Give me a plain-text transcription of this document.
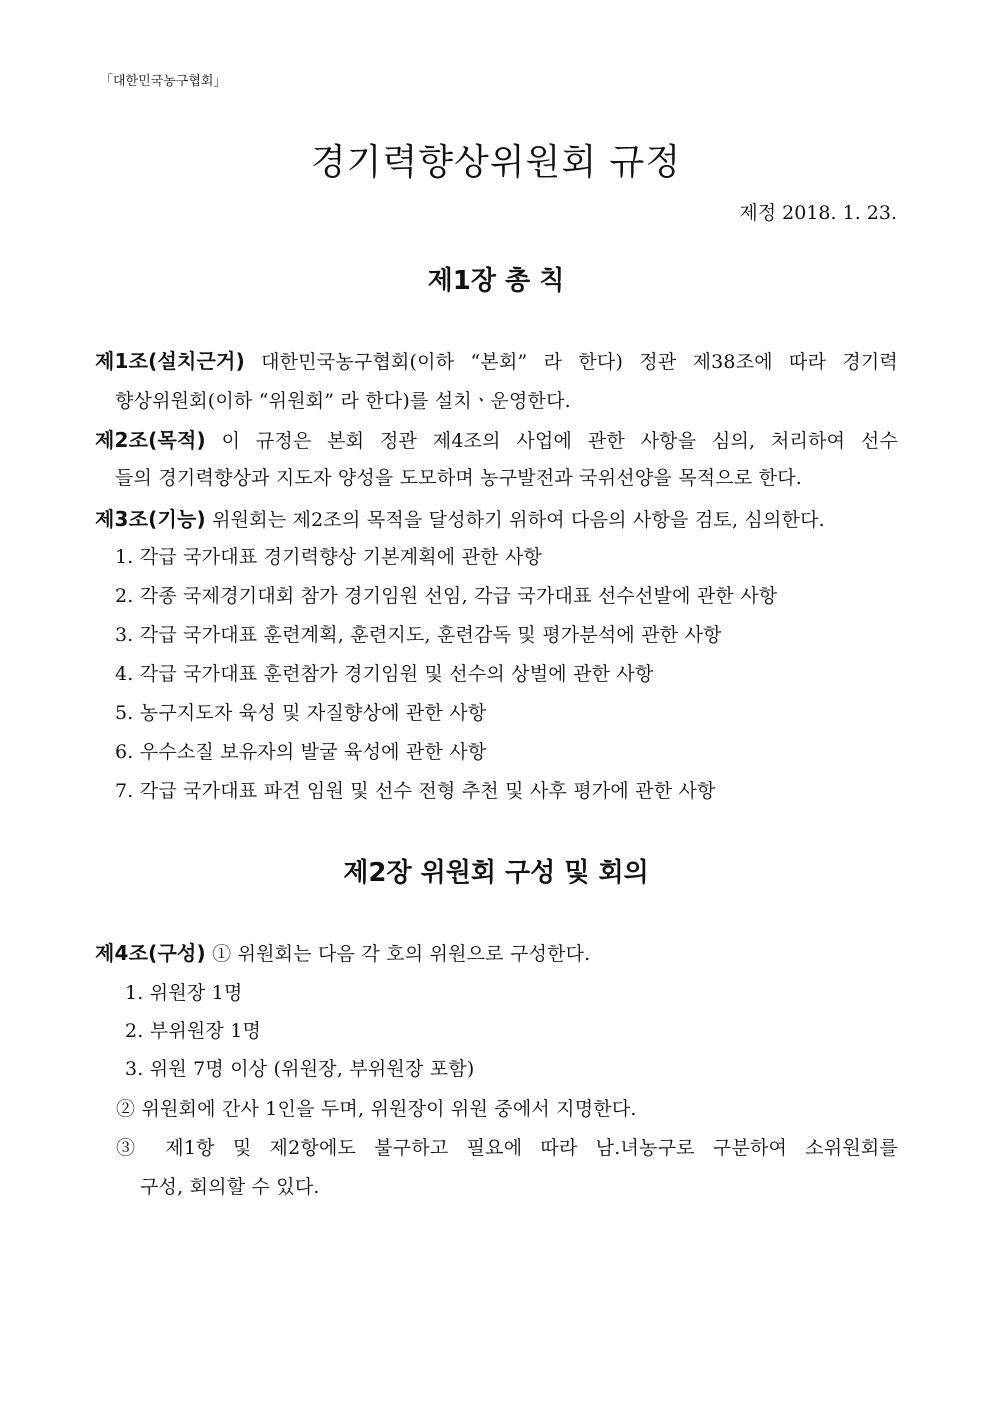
「대한민국농구협회」
경기력향상위원회 규정
제정 2018. 1. 23.
제1장 총 칙
제1조(설치근거) 대한민국농구협회(이하 “본회” 라 한다) 정관 제38조에 따라 경기력
향상위원회(이하 “위원회” 라 한다)를 설치ㆍ운영한다.
제2조(목적) 이 규정은 본회 정관 제4조의 사업에 관한 사항을 심의, 처리하여 선수
들의 경기력향상과 지도자 양성을 도모하며 농구발전과 국위선양을 목적으로 한다.
제3조(기능) 위원회는 제2조의 목적을 달성하기 위하여 다음의 사항을 검토, 심의한다.
1. 각급 국가대표 경기력향상 기본계획에 관한 사항
2. 각종 국제경기대회 참가 경기임원 선임, 각급 국가대표 선수선발에 관한 사항
3. 각급 국가대표 훈련계획, 훈련지도, 훈련감독 및 평가분석에 관한 사항
4. 각급 국가대표 훈련참가 경기임원 및 선수의 상벌에 관한 사항
5. 농구지도자 육성 및 자질향상에 관한 사항
6. 우수소질 보유자의 발굴 육성에 관한 사항
7. 각급 국가대표 파견 임원 및 선수 전형 추천 및 사후 평가에 관한 사항
제2장 위원회 구성 및 회의
제4조(구성) ① 위원회는 다음 각 호의 위원으로 구성한다.
1. 위원장 1명
2. 부위원장 1명
3. 위원 7명 이상 (위원장, 부위원장 포함)
② 위원회에 간사 1인을 두며, 위원장이 위원 중에서 지명한다.
③ 제1항 및 제2항에도 불구하고 필요에 따라 남.녀농구로 구분하여 소위원회를
구성, 회의할 수 있다.
